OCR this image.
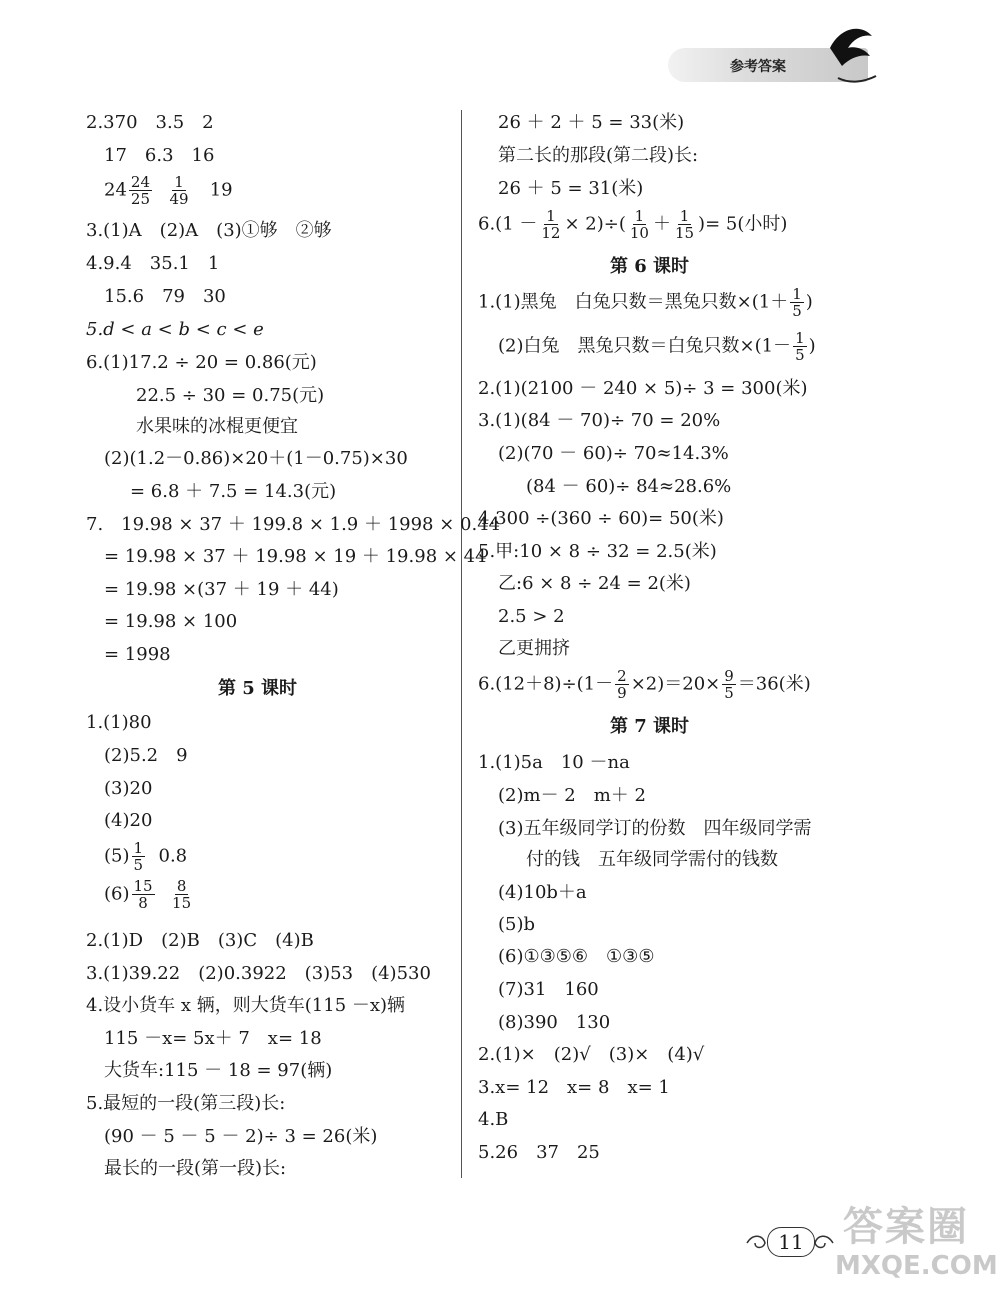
参考答案
2.370　3.5　2
17　6.3　16
$24 \frac{24}{25}$
$\frac{1}{49} 19$
3.(1)A　(2)A　(3)①够　②够
4.9.4　35.1　1
15.6　79　30
5.d < a < b < c < e
6.(1)17.2 ÷ 20 = 0.86(元)
22.5 ÷ 30 = 0.75(元)
水果味的冰棍更便宜
(2)(1.2－0.86)×20＋(1－0.75)×30
= 6.8 ＋ 7.5 = 14.3(元)
7.　19.98 × 37 ＋ 199.8 × 1.9 ＋ 1998 × 0.44
= 19.98 × 37 ＋ 19.98 × 19 ＋ 19.98 × 44
= 19.98 ×(37 ＋ 19 ＋ 44)
= 19.98 × 100
= 1998
第 5 课时
1.(1)80
(2)5.2　9
(3)20
(4)20
$(5) \frac{1}{5} 0.8$
$(6) \frac{15}{8}$
$\frac{8}{15}$
2.(1)D　(2)B　(3)C　(4)B
3.(1)39.22　(2)0.3922　(3)53　(4)530
4.设小货车 x 辆，则大货车(115 －x)辆
115 －x= 5x＋ 7　x= 18
大货车:115 － 18 = 97(辆)
5.最短的一段(第三段)长:
(90 － 5 － 5 － 2)÷ 3 = 26(米)
最长的一段(第一段)长:
26 ＋ 2 ＋ 5 = 33(米)
第二长的那段(第二段)长:
26 ＋ 5 = 31(米)
$6.(1 - \frac{1}{12} \times 2)\div( \frac{1}{10} + \frac{1}{15}$ )= 5(小时)
第 6 课时
1.(1)黑兔　白兔只数＝黑兔只数$\times(1+ \frac{1}{5}$ )
(2)白兔　黑兔只数＝白兔只数$\times(1- \frac{1}{5}$ )
2.(1)(2100 － 240 × 5)÷ 3 = 300(米)
3.(1)(84 － 70)÷ 70 = 20%
(2)(70 － 60)÷ 70≈14.3%
(84 － 60)÷ 84≈28.6%
4.300 ÷(360 ÷ 60)= 50(米)
5.甲:10 × 8 ÷ 32 = 2.5(米)
乙:6 × 8 ÷ 24 = 2(米)
2.5 > 2
乙更拥挤
$6.(12+8)\div(1- \frac{2}{9} \times 2)=20\times \frac{9}{5} =36$(米)
第 7 课时
1.(1)5a　10 －na
(2)m－ 2　m＋ 2
(3)五年级同学订的份数　四年级同学需
付的钱　五年级同学需付的钱数
(4)10b＋a
(5)b
(6)①③⑤⑥　①③⑤
(7)31　160
(8)390　130
2.(1)×　(2)√　(3)×　(4)√
3.x= 12　x= 8　x= 1
4.B
5.26　37　25
11 答案圈
MXQE.COM
